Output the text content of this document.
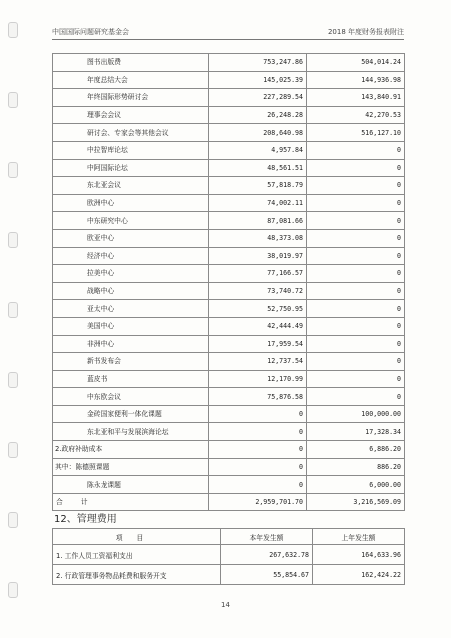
中国国际问题研究基金会	2018 年度财务报表附注
图书出版费	753,247.86	504,014.24
年度总结大会	145,025.39	144,936.98
年终国际形势研讨会	227,289.54	143,840.91
理事会会议	26,248.28	42,270.53
研讨会、专家会等其他会议	208,640.98	516,127.10
中拉智库论坛	4,957.84	0
中阿国际论坛	48,561.51	0
东北亚会议	57,818.79	0
欧洲中心	74,002.11	0
中东研究中心	87,081.66	0
欧亚中心	48,373.08	0
经济中心	38,019.97	0
拉美中心	77,166.57	0
战略中心	73,740.72	0
亚太中心	52,750.95	0
美国中心	42,444.49	0
非洲中心	17,959.54	0
新书发布会	12,737.54	0
蓝皮书	12,170.99	0
中东欧会议	75,876.58	0
金砖国家便利一体化课题	0	100,000.00
东北亚和平与发展滨海论坛	0	17,328.34
2.政府补助成本	0	6,886.20
其中：陈德照课题	0	886.20
陈永龙课题	0	6,000.00
合计	2,959,701.70	3,216,569.09
12、管理费用
项目	本年发生额	上年发生额
1. 工作人员工资福利支出	267,632.78	164,633.96
2. 行政管理事务物品耗费和服务开支	55,854.67	162,424.22
14
